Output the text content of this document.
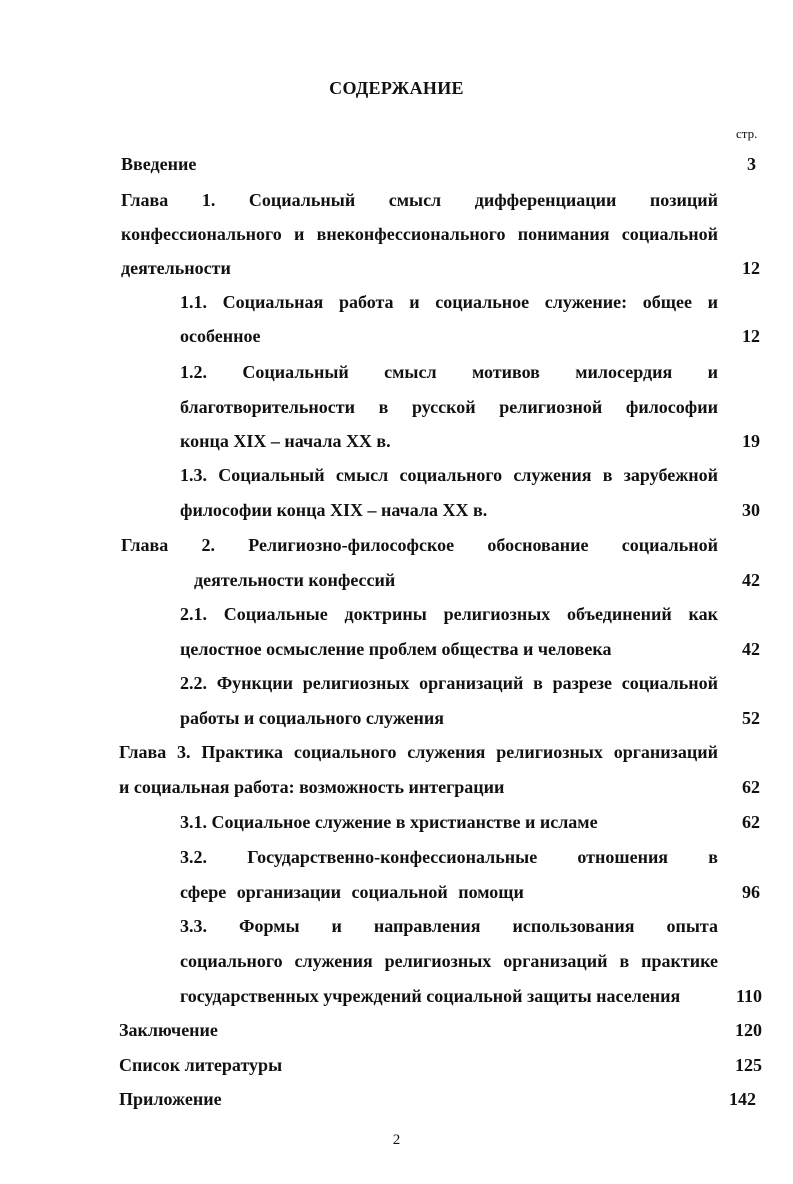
СОДЕРЖАНИЕ
стр.
Введение	3
Глава 1. Социальный смысл дифференциации позиций
конфессионального и внеконфессионального понимания социальной
деятельности	12
1.1. Социальная работа и социальное служение: общее и
особенное	12
1.2. Социальный смысл мотивов милосердия и
благотворительности в русской религиозной философии
конца XIX – начала XX в.	19
1.3. Социальный смысл социального служения в зарубежной
философии конца XIX – начала XX в.	30
Глава 2. Религиозно-философское обоснование социальной
деятельности конфессий	42
2.1. Социальные доктрины религиозных объединений как
целостное осмысление проблем общества и человека	42
2.2. Функции религиозных организаций в разрезе социальной
работы и социального служения	52
Глава 3. Практика социального служения религиозных организаций
и социальная работа: возможность интеграции	62
3.1. Социальное служение в христианстве и исламе	62
3.2. Государственно-конфессиональные отношения в
сфере организации социальной помощи	96
3.3. Формы и направления использования опыта
социального служения религиозных организаций в практике
государственных учреждений социальной защиты населения	110
Заключение	120
Список литературы	125
Приложение	142
2
